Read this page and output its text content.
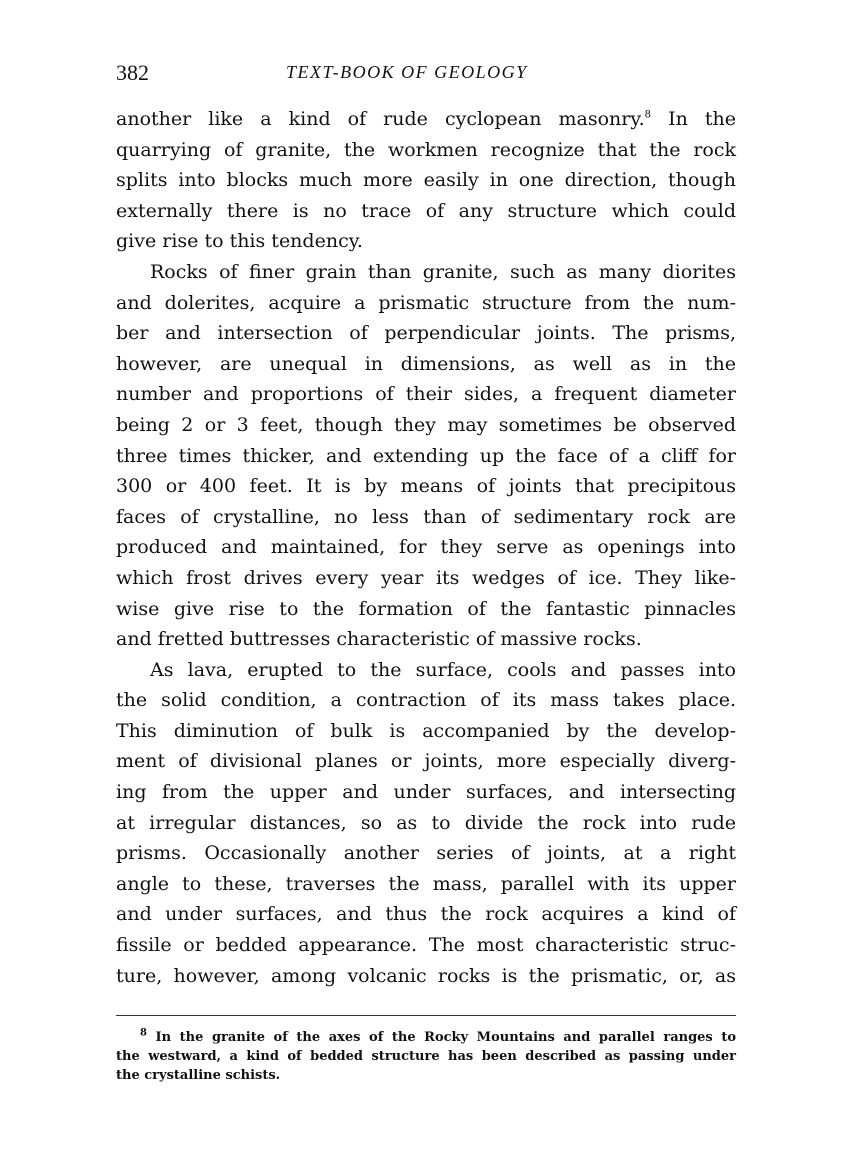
382	TEXT-BOOK OF GEOLOGY
another like a kind of rude cyclopean masonry.$^8$ In the
quarrying of granite, the workmen recognize that the rock
splits into blocks much more easily in one direction, though
externally there is no trace of any structure which could
give rise to this tendency.
Rocks of finer grain than granite, such as many diorites
and dolerites, acquire a prismatic structure from the num-
ber and intersection of perpendicular joints. The prisms,
however, are unequal in dimensions, as well as in the
number and proportions of their sides, a frequent diameter
being 2 or 3 feet, though they may sometimes be observed
three times thicker, and extending up the face of a cliff for
300 or 400 feet. It is by means of joints that precipitous
faces of crystalline, no less than of sedimentary rock are
produced and maintained, for they serve as openings into
which frost drives every year its wedges of ice. They like-
wise give rise to the formation of the fantastic pinnacles
and fretted buttresses characteristic of massive rocks.
As lava, erupted to the surface, cools and passes into
the solid condition, a contraction of its mass takes place.
This diminution of bulk is accompanied by the develop-
ment of divisional planes or joints, more especially diverg-
ing from the upper and under surfaces, and intersecting
at irregular distances, so as to divide the rock into rude
prisms. Occasionally another series of joints, at a right
angle to these, traverses the mass, parallel with its upper
and under surfaces, and thus the rock acquires a kind of
fissile or bedded appearance. The most characteristic struc-
ture, however, among volcanic rocks is the prismatic, or, as
$^8$ In the granite of the axes of the Rocky Mountains and parallel ranges to
the westward, a kind of bedded structure has been described as passing under
the crystalline schists.
